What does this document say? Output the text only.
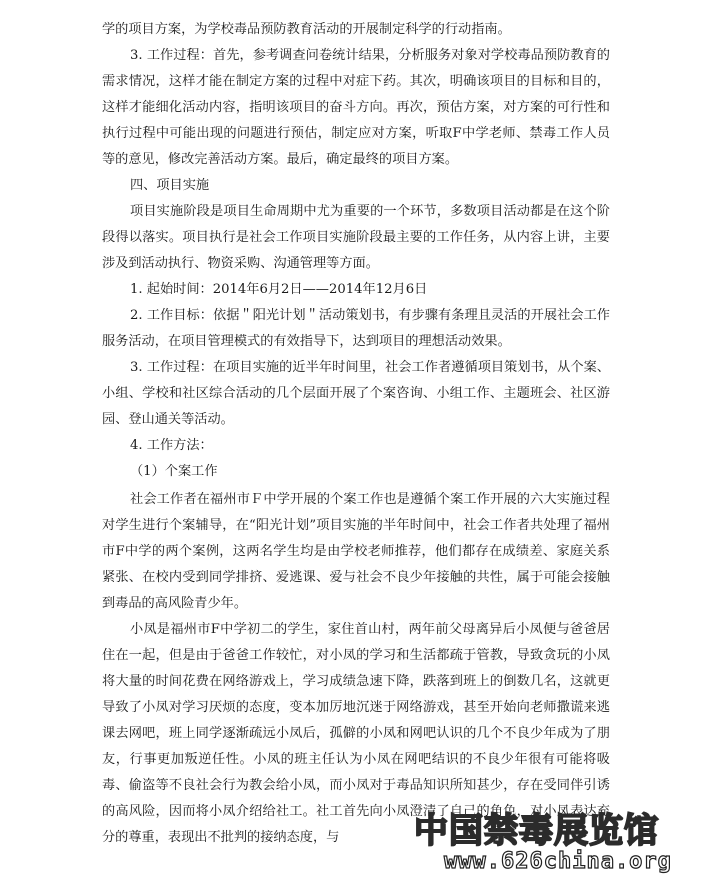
学的项目方案，为学校毒品预防教育活动的开展制定科学的行动指南。

3. 工作过程：首先，参考调查问卷统计结果，分析服务对象对学校毒品预防教育的需求情况，这样才能在制定方案的过程中对症下药。其次，明确该项目的目标和目的，这样才能细化活动内容，指明该项目的奋斗方向。再次，预估方案，对方案的可行性和执行过程中可能出现的问题进行预估，制定应对方案，听取F中学老师、禁毒工作人员等的意见，修改完善活动方案。最后，确定最终的项目方案。

四、项目实施

项目实施阶段是项目生命周期中尤为重要的一个环节，多数项目活动都是在这个阶段得以落实。项目执行是社会工作项目实施阶段最主要的工作任务，从内容上讲，主要涉及到活动执行、物资采购、沟通管理等方面。

1. 起始时间：2014年6月2日——2014年12月6日

2. 工作目标：依据＂阳光计划＂活动策划书，有步骤有条理且灵活的开展社会工作服务活动，在项目管理模式的有效指导下，达到项目的理想活动效果。

3. 工作过程：在项目实施的近半年时间里，社会工作者遵循项目策划书，从个案、小组、学校和社区综合活动的几个层面开展了个案咨询、小组工作、主题班会、社区游园、登山通关等活动。

4. 工作方法：

（1）个案工作

社会工作者在福州市Ｆ中学开展的个案工作也是遵循个案工作开展的六大实施过程对学生进行个案辅导，在“阳光计划”项目实施的半年时间中，社会工作者共处理了福州市F中学的两个案例，这两名学生均是由学校老师推荐，他们都存在成绩差、家庭关系紧张、在校内受到同学排挤、爱逃课、爱与社会不良少年接触的共性，属于可能会接触到毒品的高风险青少年。

小凤是福州市F中学初二的学生，家住首山村，两年前父母离异后小凤便与爸爸居住在一起，但是由于爸爸工作较忙，对小凤的学习和生活都疏于管教，导致贪玩的小凤将大量的时间花费在网络游戏上，学习成绩急速下降，跌落到班上的倒数几名，这就更导致了小凤对学习厌烦的态度，变本加厉地沉迷于网络游戏，甚至开始向老师撒谎来逃课去网吧，班上同学逐渐疏远小凤后，孤僻的小凤和网吧认识的几个不良少年成为了朋友，行事更加叛逆任性。小凤的班主任认为小凤在网吧结识的不良少年很有可能将吸毒、偷盗等不良社会行为教会给小凤，而小凤对于毒品知识所知甚少，存在受同伴引诱的高风险，因而将小凤介绍给社工。社工首先向小凤澄清了自己的角色，对小凤表达充分的尊重，表现出不批判的接纳态度，与	中国禁毒展览馆
www.626china.org
